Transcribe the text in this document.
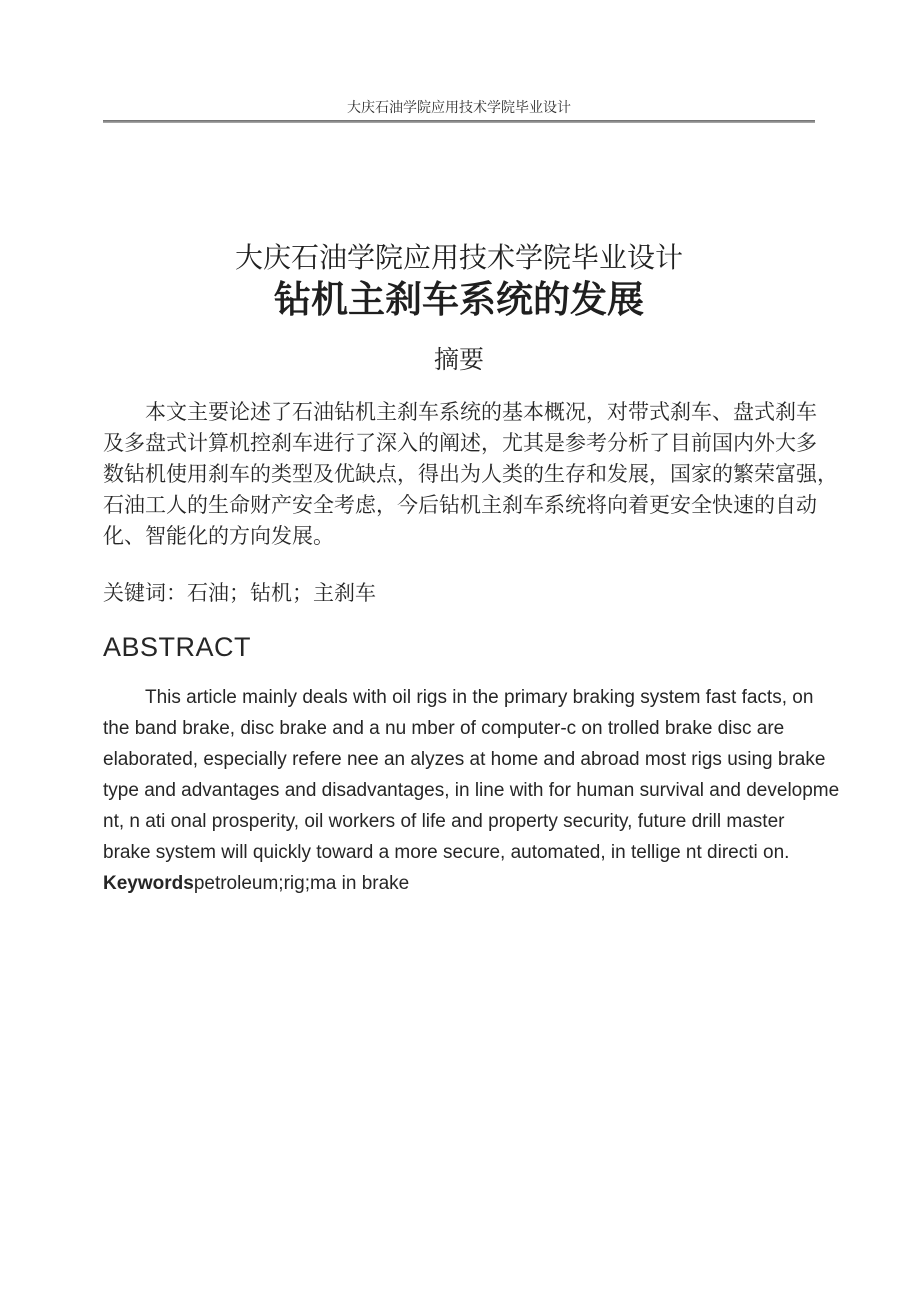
大庆石油学院应用技术学院毕业设计
大庆石油学院应用技术学院毕业设计
钻机主刹车系统的发展
摘要
本文主要论述了石油钻机主刹车系统的基本概况，对带式刹车、盘式刹车
及多盘式计算机控刹车进行了深入的阐述，尤其是参考分析了目前国内外大多
数钻机使用刹车的类型及优缺点，得出为人类的生存和发展，国家的繁荣富强，
石油工人的生命财产安全考虑，今后钻机主刹车系统将向着更安全快速的自动
化、智能化的方向发展。
关键词：石油；钻机；主刹车
ABSTRACT
This article mainly deals with oil rigs in the primary braking system fast facts, on
the band brake, disc brake and a nu mber of computer-c on trolled brake disc are
elaborated, especially refere nee an alyzes at home and abroad most rigs using brake
type and advantages and disadvantages, in line with for human survival and developme
nt, n ati onal prosperity, oil workers of life and property security, future drill master
brake system will quickly toward a more secure, automated, in tellige nt directi on.
Keywordspetroleum;rig;ma in brake
